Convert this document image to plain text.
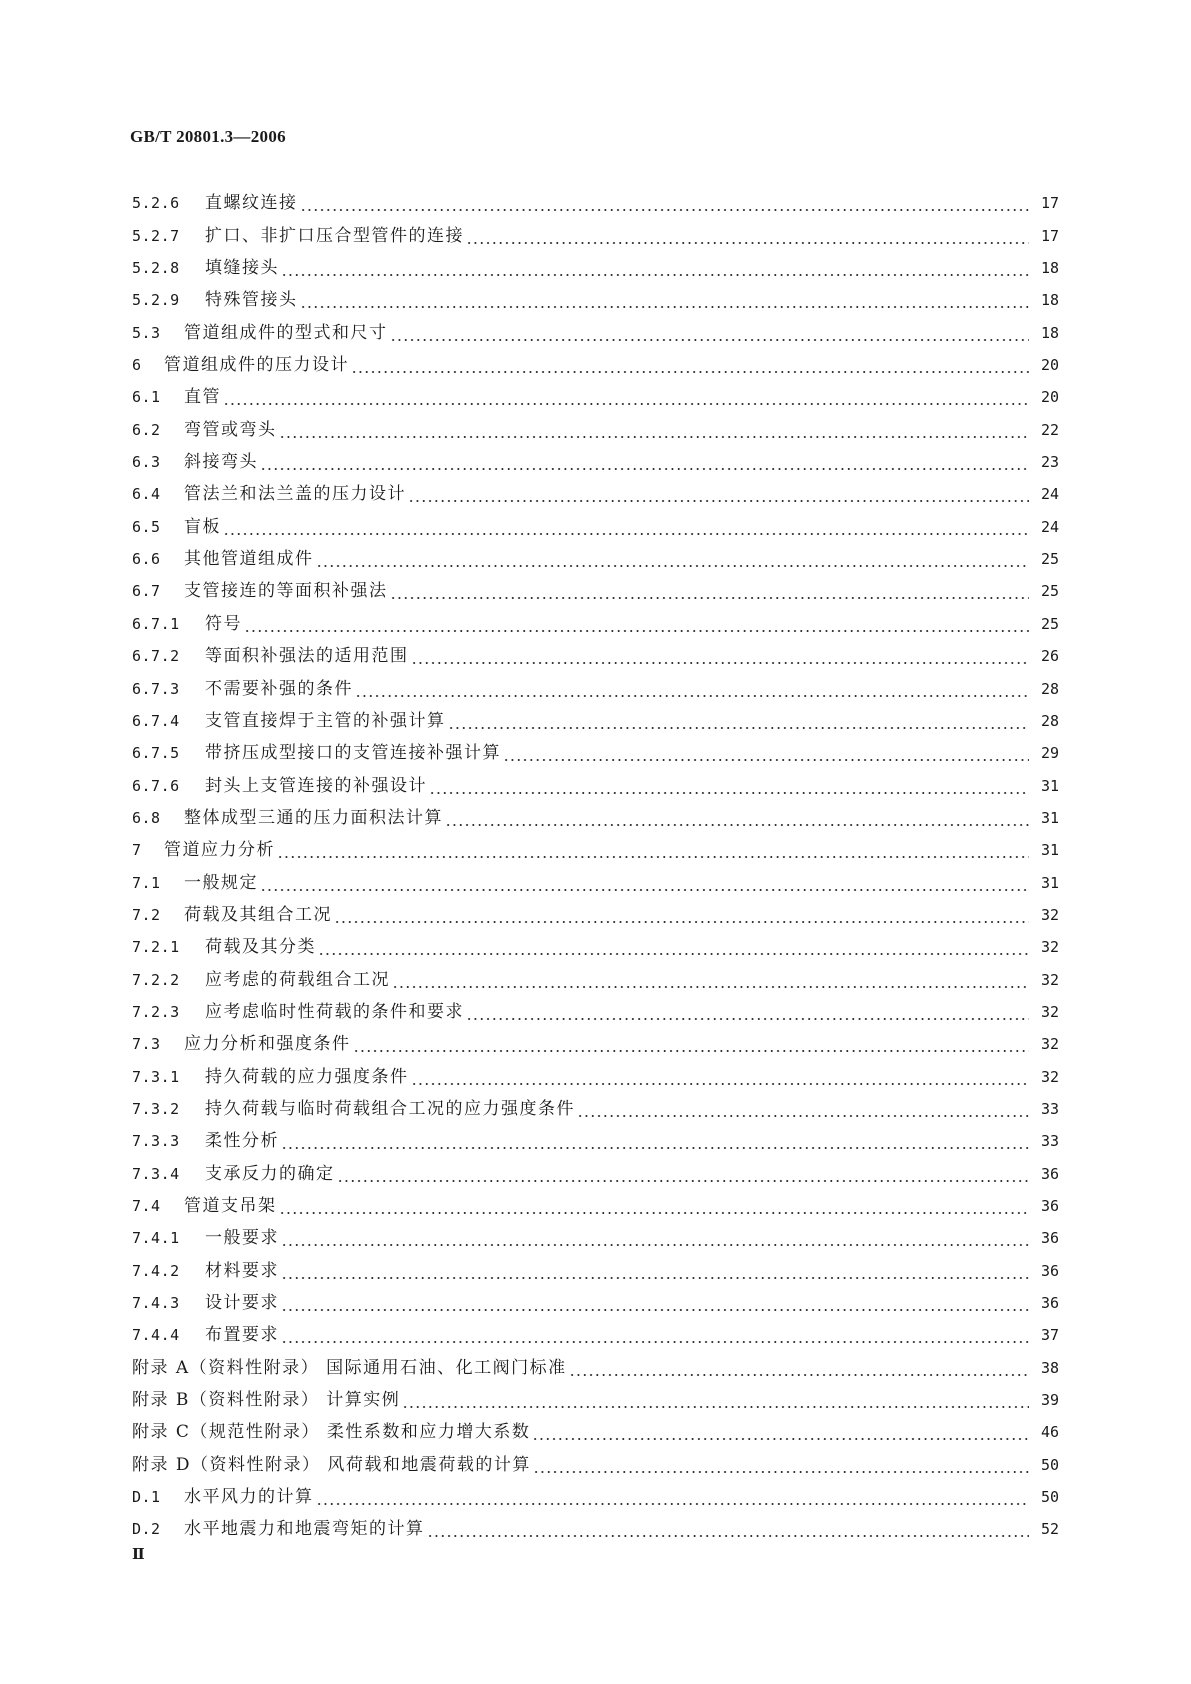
GB/T 20801.3—2006
5.2.6	直螺纹连接	17
5.2.7	扩口、非扩口压合型管件的连接	17
5.2.8	填缝接头	18
5.2.9	特殊管接头	18
5.3	管道组成件的型式和尺寸	18
6	管道组成件的压力设计	20
6.1	直管	20
6.2	弯管或弯头	22
6.3	斜接弯头	23
6.4	管法兰和法兰盖的压力设计	24
6.5	盲板	24
6.6	其他管道组成件	25
6.7	支管接连的等面积补强法	25
6.7.1	符号	25
6.7.2	等面积补强法的适用范围	26
6.7.3	不需要补强的条件	28
6.7.4	支管直接焊于主管的补强计算	28
6.7.5	带挤压成型接口的支管连接补强计算	29
6.7.6	封头上支管连接的补强设计	31
6.8	整体成型三通的压力面积法计算	31
7	管道应力分析	31
7.1	一般规定	31
7.2	荷载及其组合工况	32
7.2.1	荷载及其分类	32
7.2.2	应考虑的荷载组合工况	32
7.2.3	应考虑临时性荷载的条件和要求	32
7.3	应力分析和强度条件	32
7.3.1	持久荷载的应力强度条件	32
7.3.2	持久荷载与临时荷载组合工况的应力强度条件	33
7.3.3	柔性分析	33
7.3.4	支承反力的确定	36
7.4	管道支吊架	36
7.4.1	一般要求	36
7.4.2	材料要求	36
7.4.3	设计要求	36
7.4.4	布置要求	37
附录 A（资料性附录） 国际通用石油、化工阀门标准	38
附录 B（资料性附录） 计算实例	39
附录 C（规范性附录） 柔性系数和应力增大系数	46
附录 D（资料性附录） 风荷载和地震荷载的计算	50
D.1	水平风力的计算	50
D.2	水平地震力和地震弯矩的计算	52
Ⅱ
